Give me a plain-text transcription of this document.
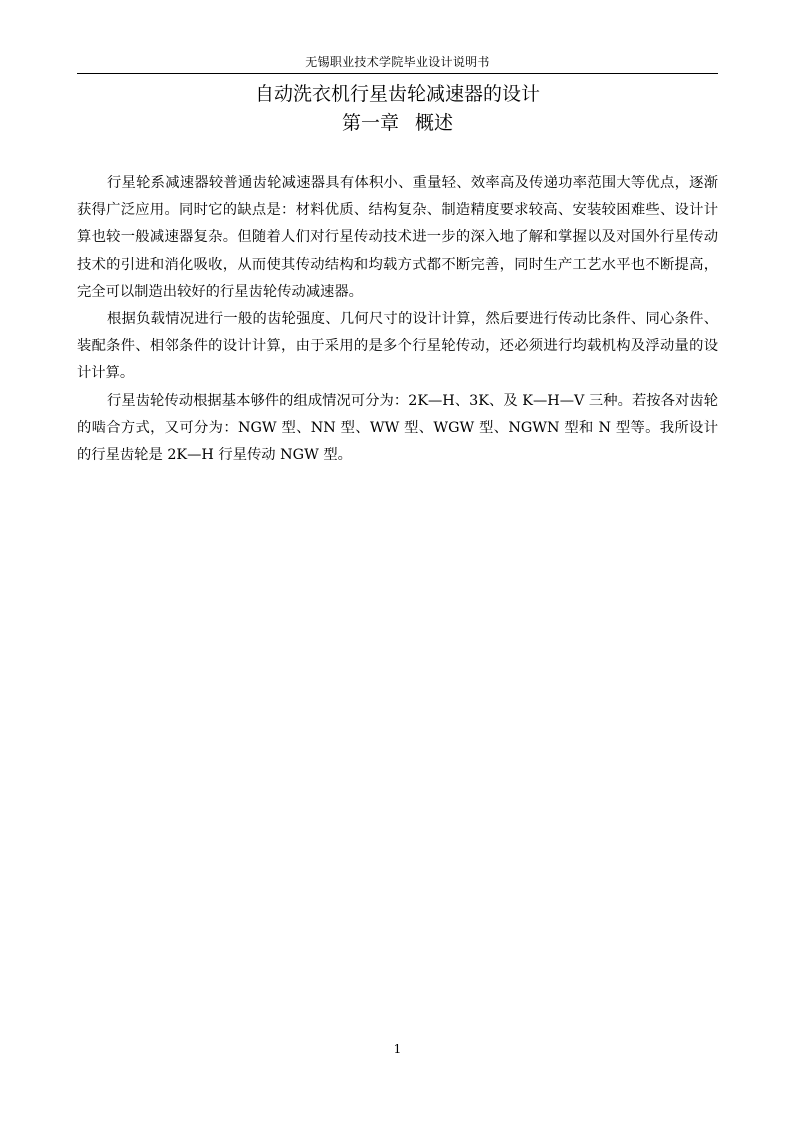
无锡职业技术学院毕业设计说明书
自动洗衣机行星齿轮减速器的设计
第一章 概述

行星轮系减速器较普通齿轮减速器具有体积小、重量轻、效率高及传递功率范围大等优点，逐渐获得广泛应用。同时它的缺点是：材料优质、结构复杂、制造精度要求较高、安装较困难些、设计计算也较一般减速器复杂。但随着人们对行星传动技术进一步的深入地了解和掌握以及对国外行星传动技术的引进和消化吸收，从而使其传动结构和均载方式都不断完善，同时生产工艺水平也不断提高，完全可以制造出较好的行星齿轮传动减速器。

根据负载情况进行一般的齿轮强度、几何尺寸的设计计算，然后要进行传动比条件、同心条件、装配条件、相邻条件的设计计算，由于采用的是多个行星轮传动，还必须进行均载机构及浮动量的设计计算。

行星齿轮传动根据基本够件的组成情况可分为：2K—H、3K、及 K—H—V 三种。若按各对齿轮的啮合方式，又可分为：NGW 型、NN 型、WW 型、WGW 型、NGWN 型和 N 型等。我所设计的行星齿轮是 2K—H 行星传动 NGW 型。

1
